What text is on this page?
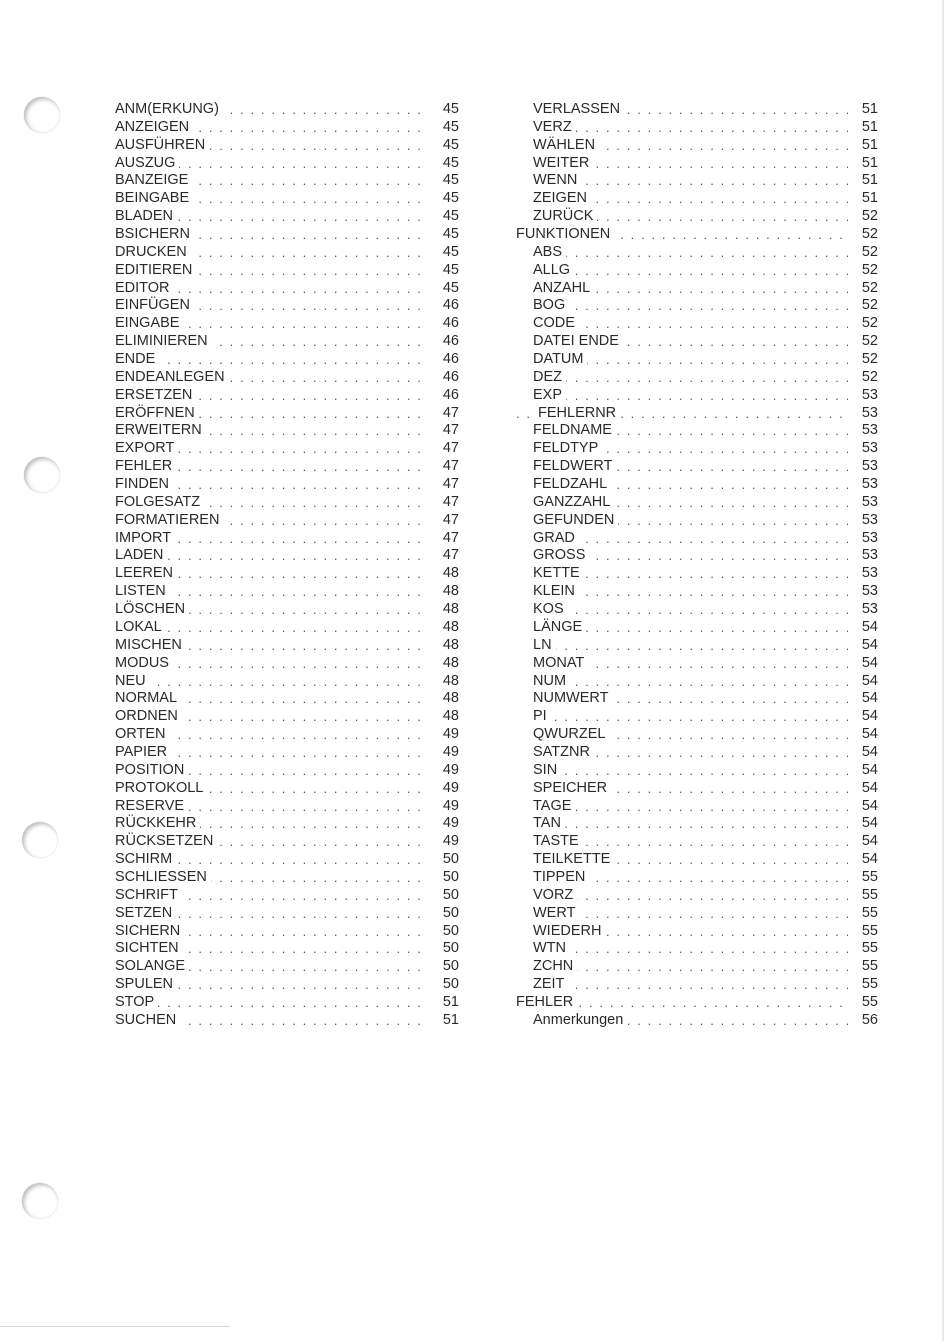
. . .
ANM(ERKUNG)	45
. . .
ANZEIGEN	45
. . .
AUSFÜHREN	45
. . .
AUSZUG	45
. . .
BANZEIGE	45
. . .
BEINGABE	45
. . .
BLADEN	45
. . .
BSICHERN	45
. . .
DRUCKEN	45
. . .
EDITIEREN	45
. . .
EDITOR	45
. . .
EINFÜGEN	46
. . .
EINGABE	46
. . .
ELIMINIEREN	46
. . .
ENDE	46
. . .
ENDEANLEGEN	46
. . .
ERSETZEN	46
. . .
ERÖFFNEN	47
. . .
ERWEITERN	47
. . .
EXPORT	47
. . .
FEHLER	47
. . .
FINDEN	47
. . .
FOLGESATZ	47
. . .
FORMATIEREN	47
. . .
IMPORT	47
. . .
LADEN	47
. . .
LEEREN	48
. . .
LISTEN	48
. . .
LÖSCHEN	48
. . .
LOKAL	48
. . .
MISCHEN	48
. . .
MODUS	48
. . .
NEU	48
. . .
NORMAL	48
. . .
ORDNEN	48
. . .
ORTEN	49
. . .
PAPIER	49
. . .
POSITION	49
. . .
PROTOKOLL	49
. . .
RESERVE	49
. . .
RÜCKKEHR	49
. . .
RÜCKSETZEN	49
. . .
SCHIRM	50
. . .
SCHLIESSEN	50
. . .
SCHRIFT	50
. . .
SETZEN	50
. . .
SICHERN	50
. . .
SICHTEN	50
. . .
SOLANGE	50
. . .
SPULEN	50
. . .
STOP	51
. . .
SUCHEN	51
. . .
VERLASSEN	51
. . .
VERZ	51
. . .
WÄHLEN	51
. . .
WEITER	51
. . .
WENN	51
. . .
ZEIGEN	51
. . .
ZURÜCK	52
. . .
FUNKTIONEN	52
. . .
ABS	52
. . .
ALLG	52
. . .
ANZAHL	52
. . .
BOG	52
. . .
CODE	52
. . .
DATEI ENDE	52
. . .
DATUM	52
. . .
DEZ	52
. . .
EXP	53
. . .
FEHLERNR	53
. . .
FELDNAME	53
. . .
FELDTYP	53
. . .
FELDWERT	53
. . .
FELDZAHL	53
. . .
GANZZAHL	53
. . .
GEFUNDEN	53
. . .
GRAD	53
. . .
GROSS	53
. . .
KETTE	53
. . .
KLEIN	53
. . .
KOS	53
. . .
LÄNGE	54
. . .
LN	54
. . .
MONAT	54
. . .
NUM	54
. . .
NUMWERT	54
. . .
PI	54
. . .
QWURZEL	54
. . .
SATZNR	54
. . .
SIN	54
. . .
SPEICHER	54
. . .
TAGE	54
. . .
TAN	54
. . .
TASTE	54
. . .
TEILKETTE	54
. . .
TIPPEN	55
. . .
VORZ	55
. . .
WERT	55
. . .
WIEDERH	55
. . .
WTN	55
. . .
ZCHN	55
. . .
ZEIT	55
. . .
FEHLER	55
. . .
Anmerkungen	56
